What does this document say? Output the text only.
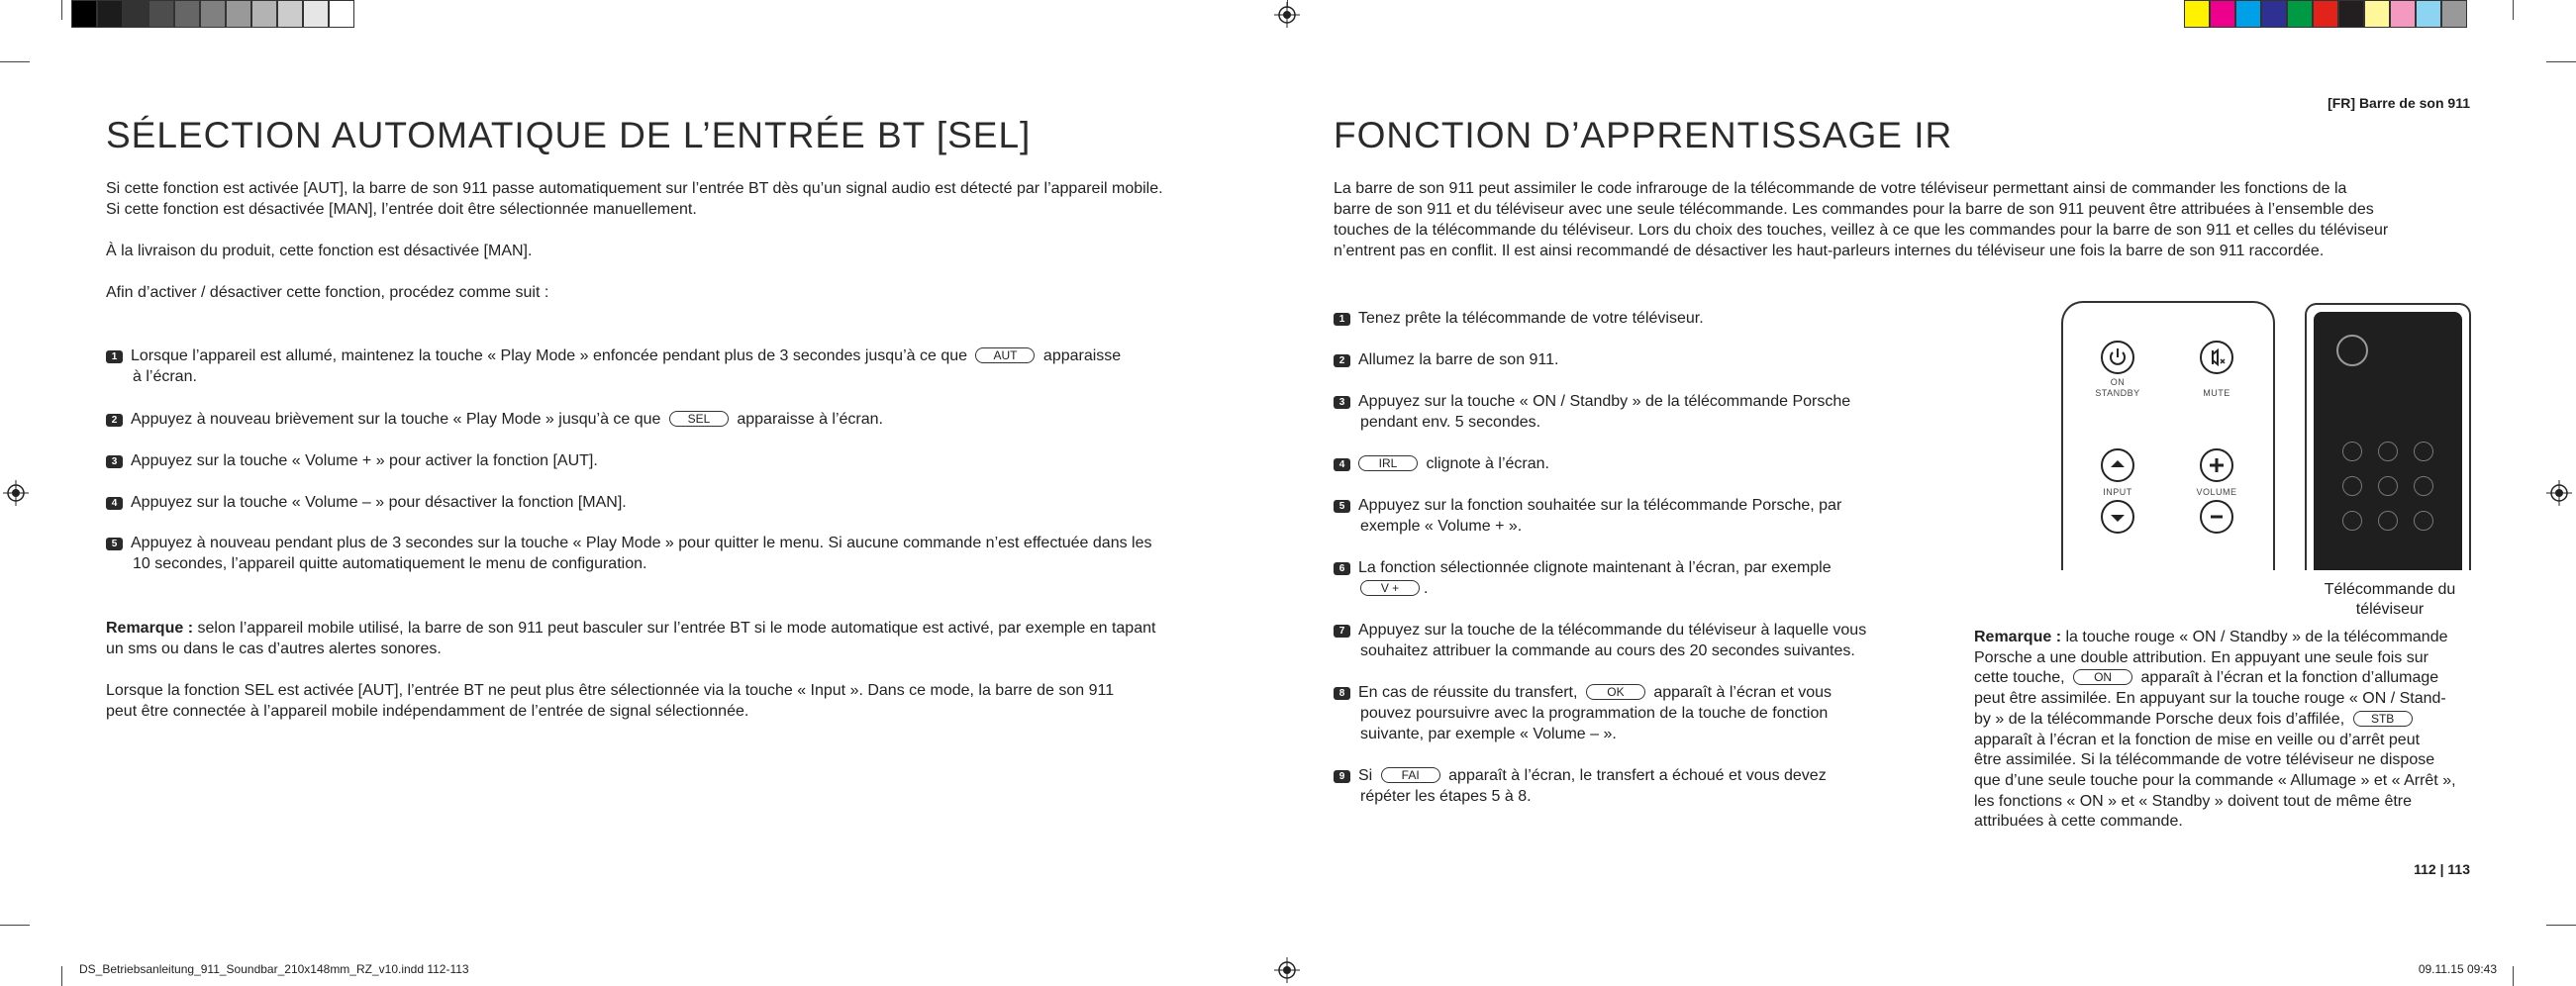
SÉLECTION AUTOMATIQUE DE L’ENTRÉE BT [SEL]
Si cette fonction est activée [AUT], la barre de son 911 passe automatiquement sur l’entrée BT dès qu’un signal audio est détecté par l’appareil mobile.
Si cette fonction est désactivée [MAN], l’entrée doit être sélectionnée manuellement.

À la livraison du produit, cette fonction est désactivée [MAN].

Afin d’activer / désactiver cette fonction, procédez comme suit :
1 Lorsque l’appareil est allumé, maintenez la touche « Play Mode » enfoncée pendant plus de 3 secondes jusqu’à ce que AUT apparaisse
à l’écran.
2 Appuyez à nouveau brièvement sur la touche « Play Mode » jusqu’à ce que SEL apparaisse à l’écran.
3 Appuyez sur la touche « Volume + » pour activer la fonction [AUT].
4 Appuyez sur la touche « Volume – » pour désactiver la fonction [MAN].
5 Appuyez à nouveau pendant plus de 3 secondes sur la touche « Play Mode » pour quitter le menu. Si aucune commande n’est effectuée dans les
10 secondes, l’appareil quitte automatiquement le menu de configuration.
Remarque : selon l’appareil mobile utilisé, la barre de son 911 peut basculer sur l’entrée BT si le mode automatique est activé, par exemple en tapant
un sms ou dans le cas d’autres alertes sonores.

Lorsque la fonction SEL est activée [AUT], l’entrée BT ne peut plus être sélectionnée via la touche « Input ». Dans ce mode, la barre de son 911
peut être connectée à l’appareil mobile indépendamment de l’entrée de signal sélectionnée.
[FR] Barre de son 911
FONCTION D’APPRENTISSAGE IR
La barre de son 911 peut assimiler le code infrarouge de la télécommande de votre téléviseur permettant ainsi de commander les fonctions de la
barre de son 911 et du téléviseur avec une seule télécommande. Les commandes pour la barre de son 911 peuvent être attribuées à l’ensemble des
touches de la télécommande du téléviseur. Lors du choix des touches, veillez à ce que les commandes pour la barre de son 911 et celles du téléviseur
n’entrent pas en conflit. Il est ainsi recommandé de désactiver les haut-parleurs internes du téléviseur une fois la barre de son 911 raccordée.
1 Tenez prête la télécommande de votre téléviseur.
2 Allumez la barre de son 911.
3 Appuyez sur la touche « ON / Standby » de la télécommande Porsche
pendant env. 5 secondes.
4	IRL clignote à l’écran.
5 Appuyez sur la fonction souhaitée sur la télécommande Porsche, par
exemple « Volume + ».
6 La fonction sélectionnée clignote maintenant à l’écran, par exemple
V + .
7 Appuyez sur la touche de la télécommande du téléviseur à laquelle vous
souhaitez attribuer la commande au cours des 20 secondes suivantes.
8 En cas de réussite du transfert, OK apparaît à l’écran et vous
pouvez poursuivre avec la programmation de la touche de fonction
suivante, par exemple « Volume – ».
9 Si FAI apparaît à l’écran, le transfert a échoué et vous devez
répéter les étapes 5 à 8.
ON
STANDBY	MUTE
INPUT	VOLUME
Télécommande du
téléviseur
Remarque : la touche rouge « ON / Standby » de la télécommande
Porsche a une double attribution. En appuyant une seule fois sur
cette touche, ON apparaît à l’écran et la fonction d’allumage
peut être assimilée. En appuyant sur la touche rouge « ON / Stand-
by » de la télécommande Porsche deux fois d’affilée, STB
apparaît à l’écran et la fonction de mise en veille ou d’arrêt peut
être assimilée. Si la télécommande de votre téléviseur ne dispose
que d’une seule touche pour la commande « Allumage » et « Arrêt »,
les fonctions « ON » et « Standby » doivent tout de même être
attribuées à cette commande.
112 | 113
DS_Betriebsanleitung_911_Soundbar_210x148mm_RZ_v10.indd 112-113	09.11.15 09:43
